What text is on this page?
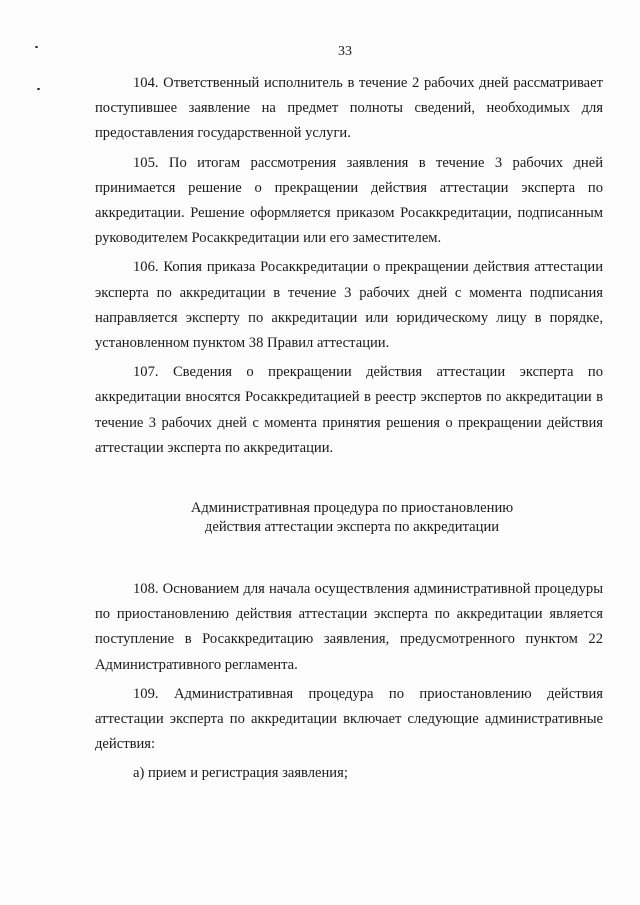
33

104. Ответственный исполнитель в течение 2 рабочих дней рассматривает поступившее заявление на предмет полноты сведений, необходимых для предоставления государственной услуги.

105. По итогам рассмотрения заявления в течение 3 рабочих дней принимается решение о прекращении действия аттестации эксперта по аккредитации. Решение оформляется приказом Росаккредитации, подписанным руководителем Росаккредитации или его заместителем.

106. Копия приказа Росаккредитации о прекращении действия аттестации эксперта по аккредитации в течение 3 рабочих дней с момента подписания направляется эксперту по аккредитации или юридическому лицу в порядке, установленном пунктом 38 Правил аттестации.

107. Сведения о прекращении действия аттестации эксперта по аккредитации вносятся Росаккредитацией в реестр экспертов по аккредитации в течение 3 рабочих дней с момента принятия решения о прекращении действия аттестации эксперта по аккредитации.

Административная процедура по приостановлению
действия аттестации эксперта по аккредитации

108. Основанием для начала осуществления административной процедуры по приостановлению действия аттестации эксперта по аккредитации является поступление в Росаккредитацию заявления, предусмотренного пунктом 22 Административного регламента.

109. Административная процедура по приостановлению действия аттестации эксперта по аккредитации включает следующие административные действия:

а) прием и регистрация заявления;
